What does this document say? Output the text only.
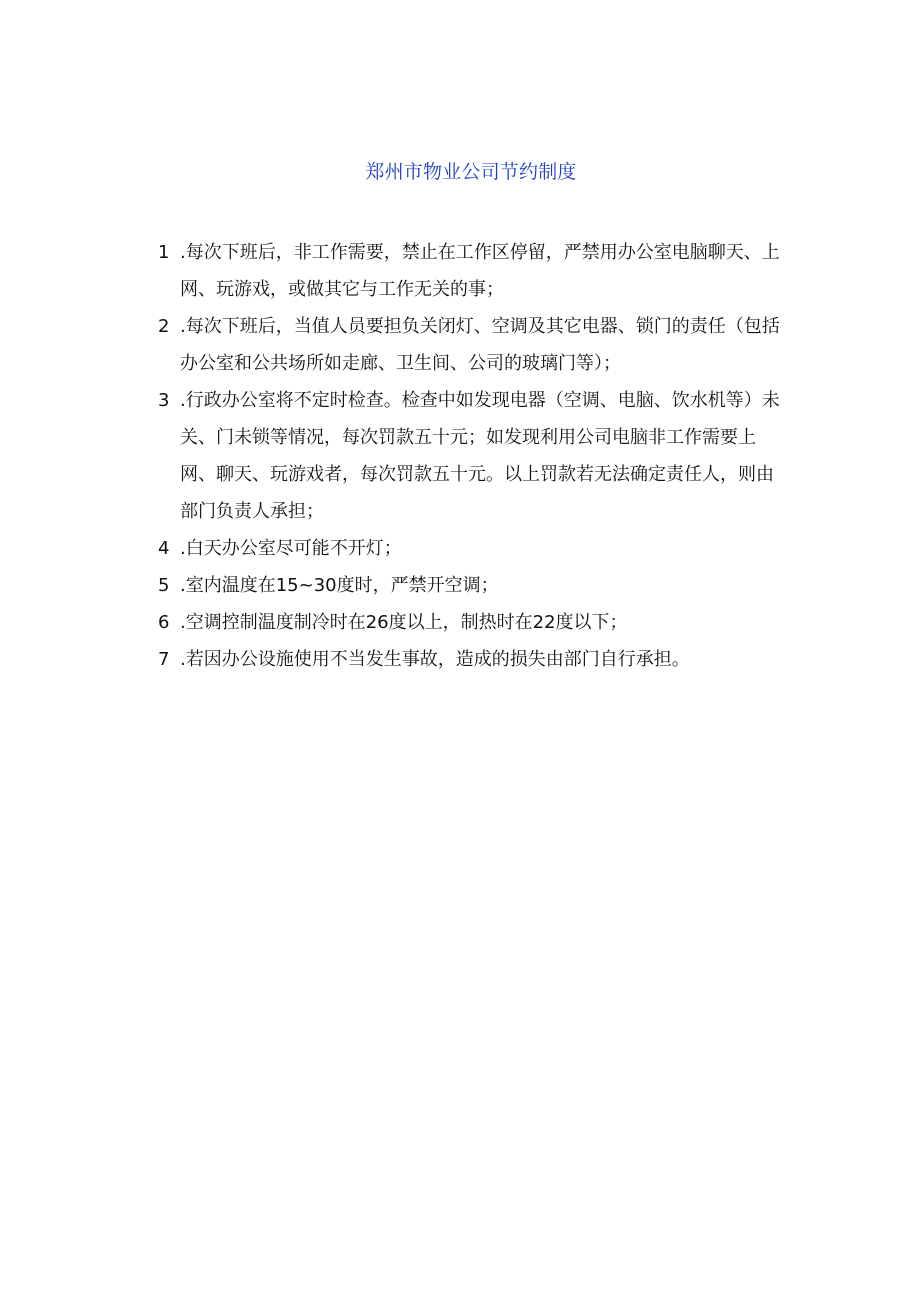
郑州市物业公司节约制度
1 .每次下班后，非工作需要，禁止在工作区停留，严禁用办公室电脑聊天、上网、玩游戏，或做其它与工作无关的事；
2 .每次下班后，当值人员要担负关闭灯、空调及其它电器、锁门的责任（包括办公室和公共场所如走廊、卫生间、公司的玻璃门等）；
3 .行政办公室将不定时检查。检查中如发现电器（空调、电脑、饮水机等）未关、门未锁等情况，每次罚款五十元；如发现利用公司电脑非工作需要上网、聊天、玩游戏者，每次罚款五十元。以上罚款若无法确定责任人，则由部门负责人承担；
4 .白天办公室尽可能不开灯；
5 .室内温度在15~30度时，严禁开空调；
6 .空调控制温度制冷时在26度以上，制热时在22度以下；
7 .若因办公设施使用不当发生事故，造成的损失由部门自行承担。
